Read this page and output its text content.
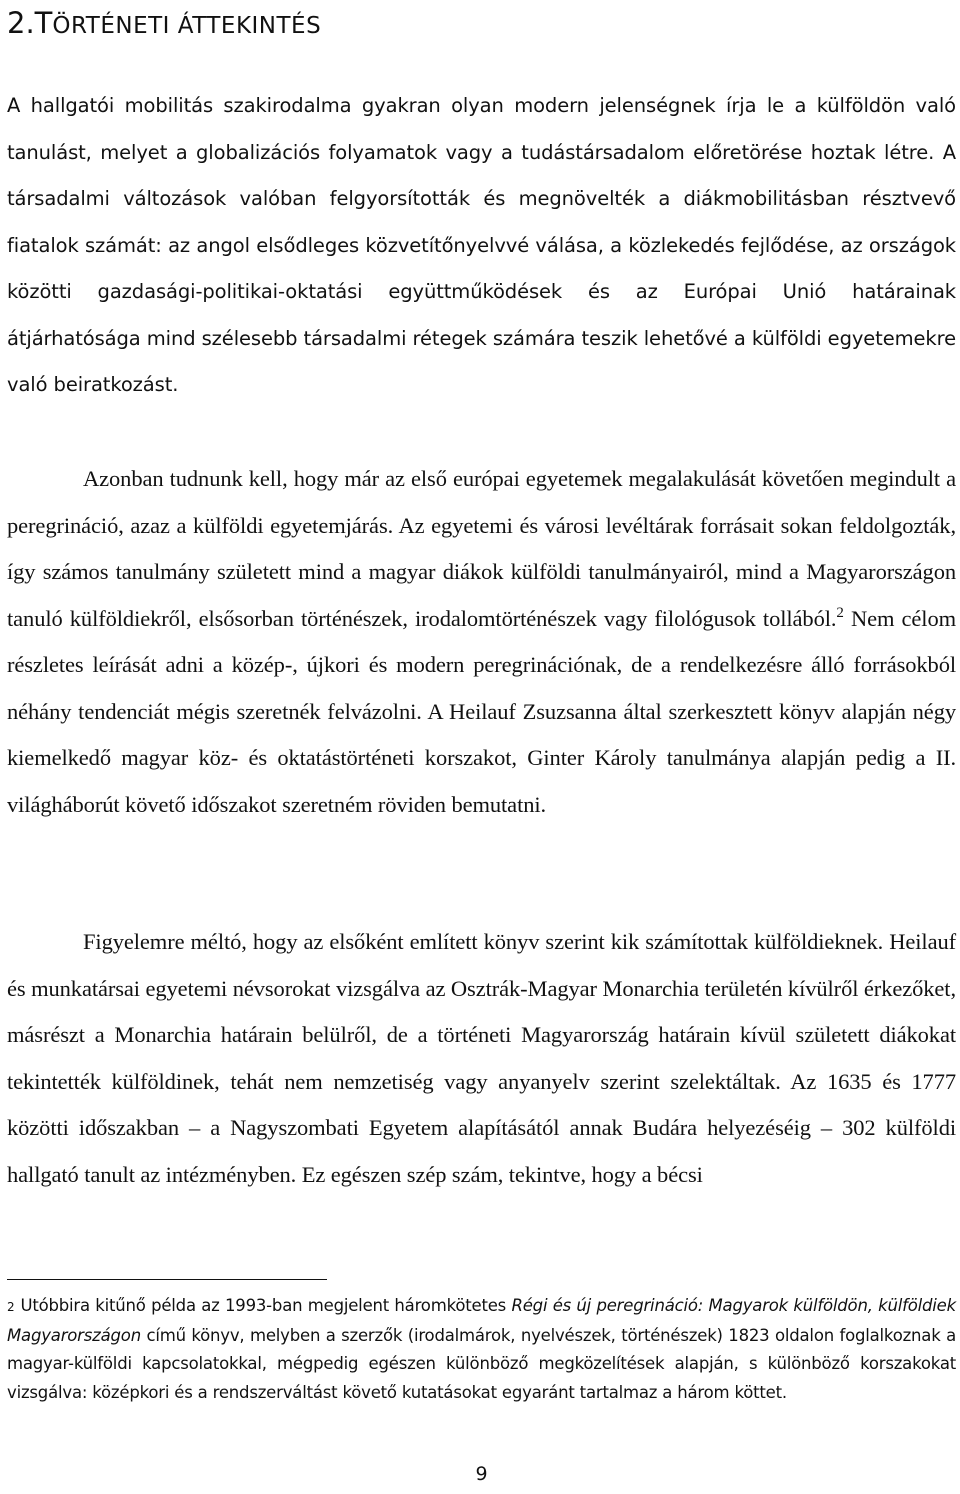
2.TÖRTÉNETI ÁTTEKINTÉS

A hallgatói mobilitás szakirodalma gyakran olyan modern jelenségnek írja le a külföldön való tanulást, melyet a globalizációs folyamatok vagy a tudástársadalom előretörése hoztak létre. A társadalmi változások valóban felgyorsították és megnövelték a diákmobilitásban résztvevő fiatalok számát: az angol elsődleges közvetítőnyelvvé válása, a közlekedés fejlődése, az országok közötti gazdasági-politikai-oktatási együttműködések és az Európai Unió határainak átjárhatósága mind szélesebb társadalmi rétegek számára teszik lehetővé a külföldi egyetemekre való beiratkozást.

Azonban tudnunk kell, hogy már az első európai egyetemek megalakulását követően megindult a peregrináció, azaz a külföldi egyetemjárás. Az egyetemi és városi levéltárak forrásait sokan feldolgozták, így számos tanulmány született mind a magyar diákok külföldi tanulmányairól, mind a Magyarországon tanuló külföldiekről, elsősorban történészek, irodalomtörténészek vagy filológusok tollából.$^2$ Nem célom részletes leírását adni a közép-, újkori és modern peregrinációnak, de a rendelkezésre álló forrásokból néhány tendenciát mégis szeretnék felvázolni. A Heilauf Zsuzsanna által szerkesztett könyv alapján négy kiemelkedő magyar köz- és oktatástörténeti korszakot, Ginter Károly tanulmánya alapján pedig a II. világháborút követő időszakot szeretném röviden bemutatni.

Figyelemre méltó, hogy az elsőként említett könyv szerint kik számítottak külföldieknek. Heilauf és munkatársai egyetemi névsorokat vizsgálva az Osztrák-Magyar Monarchia területén kívülről érkezőket, másrészt a Monarchia határain belülről, de a történeti Magyarország határain kívül született diákokat tekintették külföldinek, tehát nem nemzetiség vagy anyanyelv szerint szelektáltak. Az 1635 és 1777 közötti időszakban – a Nagyszombati Egyetem alapításától annak Budára helyezéséig – 302 külföldi hallgató tanult az intézményben. Ez egészen szép szám, tekintve, hogy a bécsi

2 Utóbbira kitűnő példa az 1993-ban megjelent háromkötetes Régi és új peregrináció: Magyarok külföldön, külföldiek Magyarországon című könyv, melyben a szerzők (irodalmárok, nyelvészek, történészek) 1823 oldalon foglalkoznak a magyar-külföldi kapcsolatokkal, mégpedig egészen különböző megközelítések alapján, s különböző korszakokat vizsgálva: középkori és a rendszerváltást követő kutatásokat egyaránt tartalmaz a három köttet.

9
